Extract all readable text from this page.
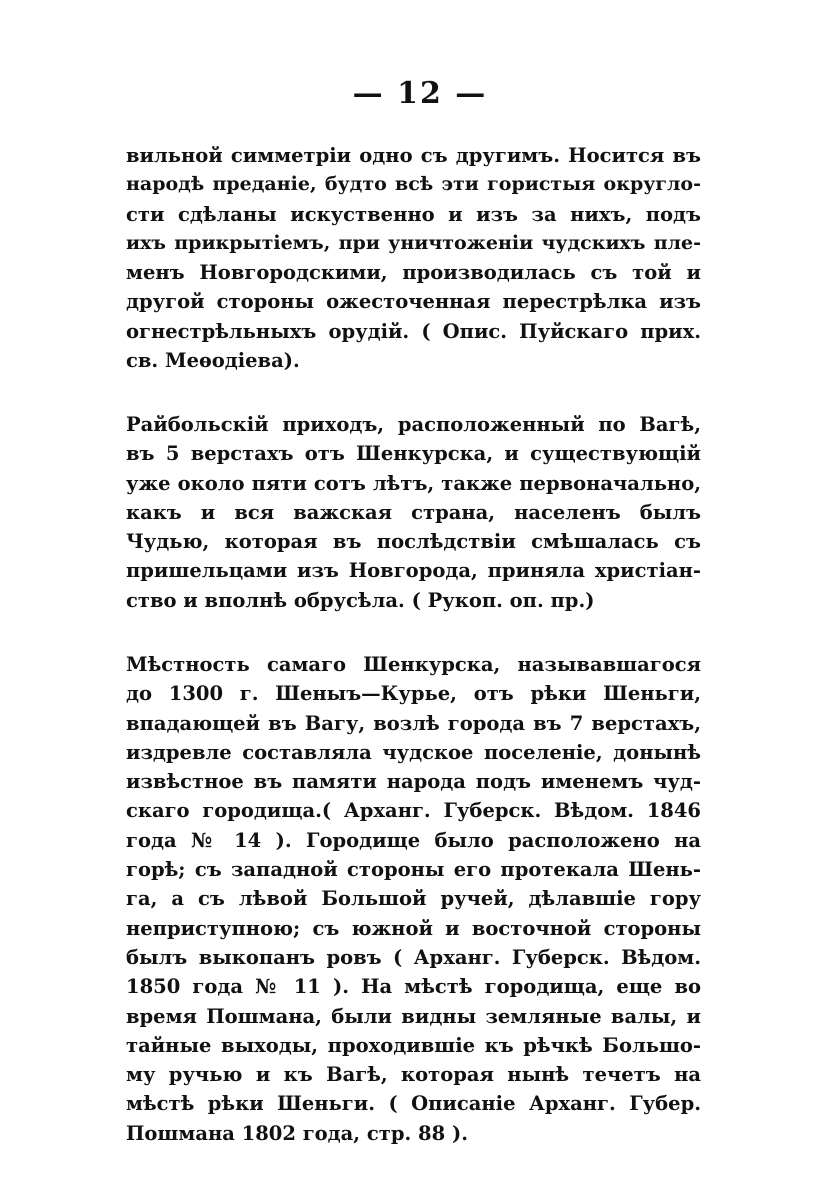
— 12 —
вильной симметріи одно съ другимъ. Носится въ
народѣ преданіе, будто всѣ эти гористыя округло-
сти сдѣланы искуственно и изъ за нихъ, подъ
ихъ прикрытіемъ, при уничтоженіи чудскихъ пле-
менъ Новгородскими, производилась съ той и
другой стороны ожесточенная перестрѣлка изъ
огнестрѣльныхъ орудій. ( Опис. Пуйскаго прих.
св. Меѳодіева).
Райбольскій приходъ, расположенный по Вагѣ,
въ 5 верстахъ отъ Шенкурска, и существующій
уже около пяти сотъ лѣтъ, также первоначально,
какъ и вся важская страна, населенъ былъ
Чудью, которая въ послѣдствіи смѣшалась съ
пришельцами изъ Новгорода, приняла христіан-
ство и вполнѣ обрусѣла. ( Рукоп. оп. пр.)
Мѣстность самаго Шенкурска, называвшагося
до 1300 г. Шеныъ—Курье, отъ рѣки Шеньги,
впадающей въ Вагу, возлѣ города въ 7 верстахъ,
издревле составляла чудское поселеніе, донынѣ
извѣстное въ памяти народа подъ именемъ чуд-
скаго городища.( Арханг. Губерск. Вѣдом. 1846
года № 14 ). Городище было расположено на
горѣ; съ западной стороны его протекала Шень-
га, а съ лѣвой Большой ручей, дѣлавшіе гору
неприступною; съ южной и восточной стороны
былъ выкопанъ ровъ ( Арханг. Губерск. Вѣдом.
1850 года № 11 ). На мѣстѣ городища, еще во
время Пошмана, были видны земляные валы, и
тайные выходы, проходившіе къ рѣчкѣ Большо-
му ручью и къ Вагѣ, которая нынѣ течетъ на
мѣстѣ рѣки Шеньги. ( Описаніе Арханг. Губер.
Пошмана 1802 года, стр. 88 ).
